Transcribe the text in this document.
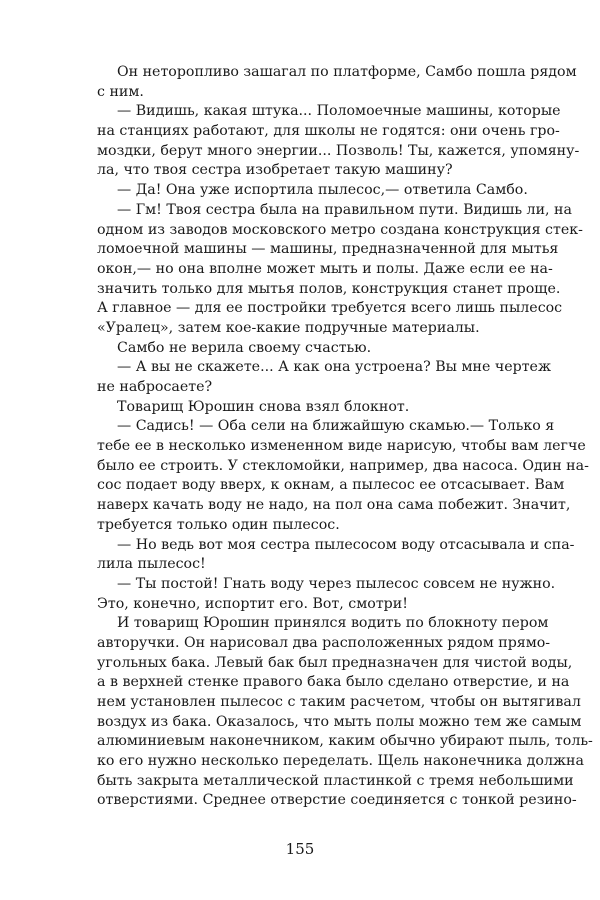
Он неторопливо зашагал по платформе, Самбо пошла рядом
с ним.
— Видишь, какая штука... Поломоечные машины, которые
на станциях работают, для школы не годятся: они очень гро-
моздки, берут много энергии... Позволь! Ты, кажется, упомяну-
ла, что твоя сестра изобретает такую машину?
— Да! Она уже испортила пылесос,— ответила Самбо.
— Гм! Твоя сестра была на правильном пути. Видишь ли, на
одном из заводов московского метро создана конструкция стек-
ломоечной машины — машины, предназначенной для мытья
окон,— но она вполне может мыть и полы. Даже если ее на-
значить только для мытья полов, конструкция станет проще.
А главное — для ее постройки требуется всего лишь пылесос
«Уралец», затем кое-какие подручные материалы.
Самбо не верила своему счастью.
— А вы не скажете... А как она устроена? Вы мне чертеж
не набросаете?
Товарищ Юрошин снова взял блокнот.
— Садись! — Оба сели на ближайшую скамью.— Только я
тебе ее в несколько измененном виде нарисую, чтобы вам легче
было ее строить. У стекломойки, например, два насоса. Один на-
сос подает воду вверх, к окнам, а пылесос ее отсасывает. Вам
наверх качать воду не надо, на пол она сама побежит. Значит,
требуется только один пылесос.
— Но ведь вот моя сестра пылесосом воду отсасывала и спа-
лила пылесос!
— Ты постой! Гнать воду через пылесос совсем не нужно.
Это, конечно, испортит его. Вот, смотри!
И товарищ Юрошин принялся водить по блокноту пером
авторучки. Он нарисовал два расположенных рядом прямо-
угольных бака. Левый бак был предназначен для чистой воды,
а в верхней стенке правого бака было сделано отверстие, и на
нем установлен пылесос с таким расчетом, чтобы он вытягивал
воздух из бака. Оказалось, что мыть полы можно тем же самым
алюминиевым наконечником, каким обычно убирают пыль, толь-
ко его нужно несколько переделать. Щель наконечника должна
быть закрыта металлической пластинкой с тремя небольшими
отверстиями. Среднее отверстие соединяется с тонкой резино-
155
